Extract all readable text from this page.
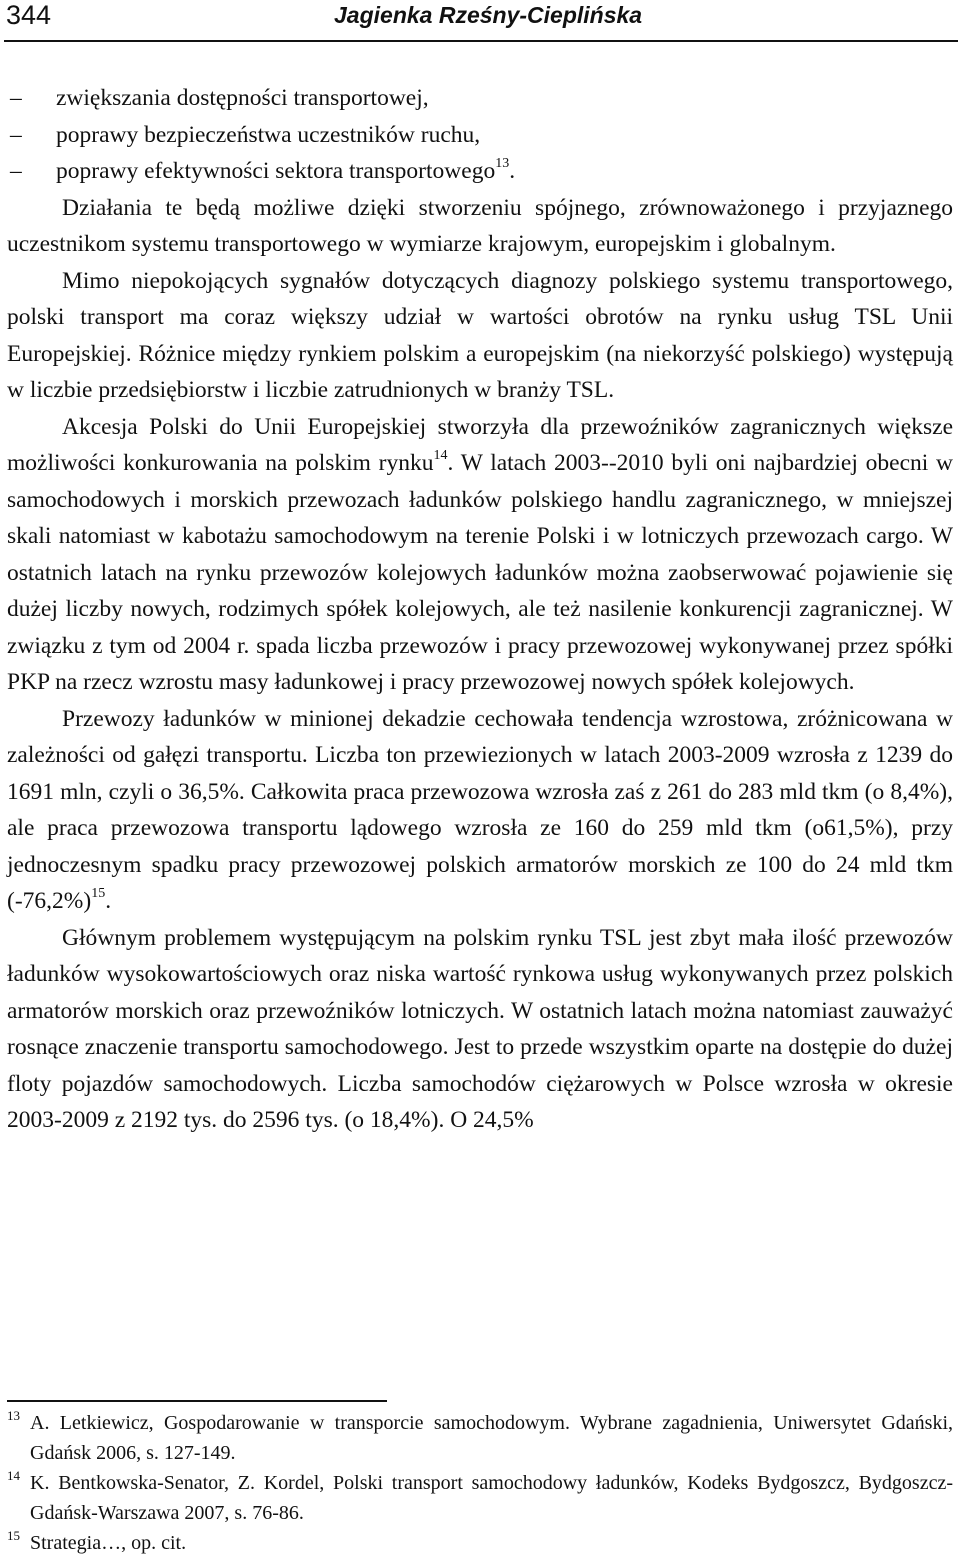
344	Jagienka Rześny-Cieplińska
–	zwiększania dostępności transportowej,
–	poprawy bezpieczeństwa uczestników ruchu,
–	poprawy efektywności sektora transportowego$^{13}$.

Działania te będą możliwe dzięki stworzeniu spójnego, zrównoważonego i przyjaznego uczestnikom systemu transportowego w wymiarze krajowym, europejskim i globalnym.

Mimo niepokojących sygnałów dotyczących diagnozy polskiego systemu transportowego, polski transport ma coraz większy udział w wartości obrotów na rynku usług TSL Unii Europejskiej. Różnice między rynkiem polskim a europejskim (na niekorzyść polskiego) występują w liczbie przedsiębiorstw i liczbie zatrudnionych w branży TSL.

Akcesja Polski do Unii Europejskiej stworzyła dla przewoźników zagranicznych większe możliwości konkurowania na polskim rynku$^{14}$. W latach 2003--2010 byli oni najbardziej obecni w samochodowych i morskich przewozach ładunków polskiego handlu zagranicznego, w mniejszej skali natomiast w kabotażu samochodowym na terenie Polski i w lotniczych przewozach cargo. W ostatnich latach na rynku przewozów kolejowych ładunków można zaobserwować pojawienie się dużej liczby nowych, rodzimych spółek kolejowych, ale też nasilenie konkurencji zagranicznej. W związku z tym od 2004 r. spada liczba przewozów i pracy przewozowej wykonywanej przez spółki PKP na rzecz wzrostu masy ładunkowej i pracy przewozowej nowych spółek kolejowych.

Przewozy ładunków w minionej dekadzie cechowała tendencja wzrostowa, zróżnicowana w zależności od gałęzi transportu. Liczba ton przewiezionych w latach 2003-2009 wzrosła z 1239 do 1691 mln, czyli o 36,5%. Całkowita praca przewozowa wzrosła zaś z 261 do 283 mld tkm (o 8,4%), ale praca przewozowa transportu lądowego wzrosła ze 160 do 259 mld tkm (o61,5%), przy jednoczesnym spadku pracy przewozowej polskich armatorów morskich ze 100 do 24 mld tkm $(-76,2\%)^{15}$.

Głównym problemem występującym na polskim rynku TSL jest zbyt mała ilość przewozów ładunków wysokowartościowych oraz niska wartość rynkowa usług wykonywanych przez polskich armatorów morskich oraz przewoźników lotniczych. W ostatnich latach można natomiast zauważyć rosnące znaczenie transportu samochodowego. Jest to przede wszystkim oparte na dostępie do dużej floty pojazdów samochodowych. Liczba samochodów ciężarowych w Polsce wzrosła w okresie 2003-2009 z 2192 tys. do 2596 tys. (o 18,4%). O 24,5%

13 A. Letkiewicz, Gospodarowanie w transporcie samochodowym. Wybrane zagadnienia, Uniwersytet Gdański, Gdańsk 2006, s. 127-149.
14 K. Bentkowska-Senator, Z. Kordel, Polski transport samochodowy ładunków, Kodeks Bydgoszcz, Bydgoszcz-Gdańsk-Warszawa 2007, s. 76-86.
15 Strategia…, op. cit.
